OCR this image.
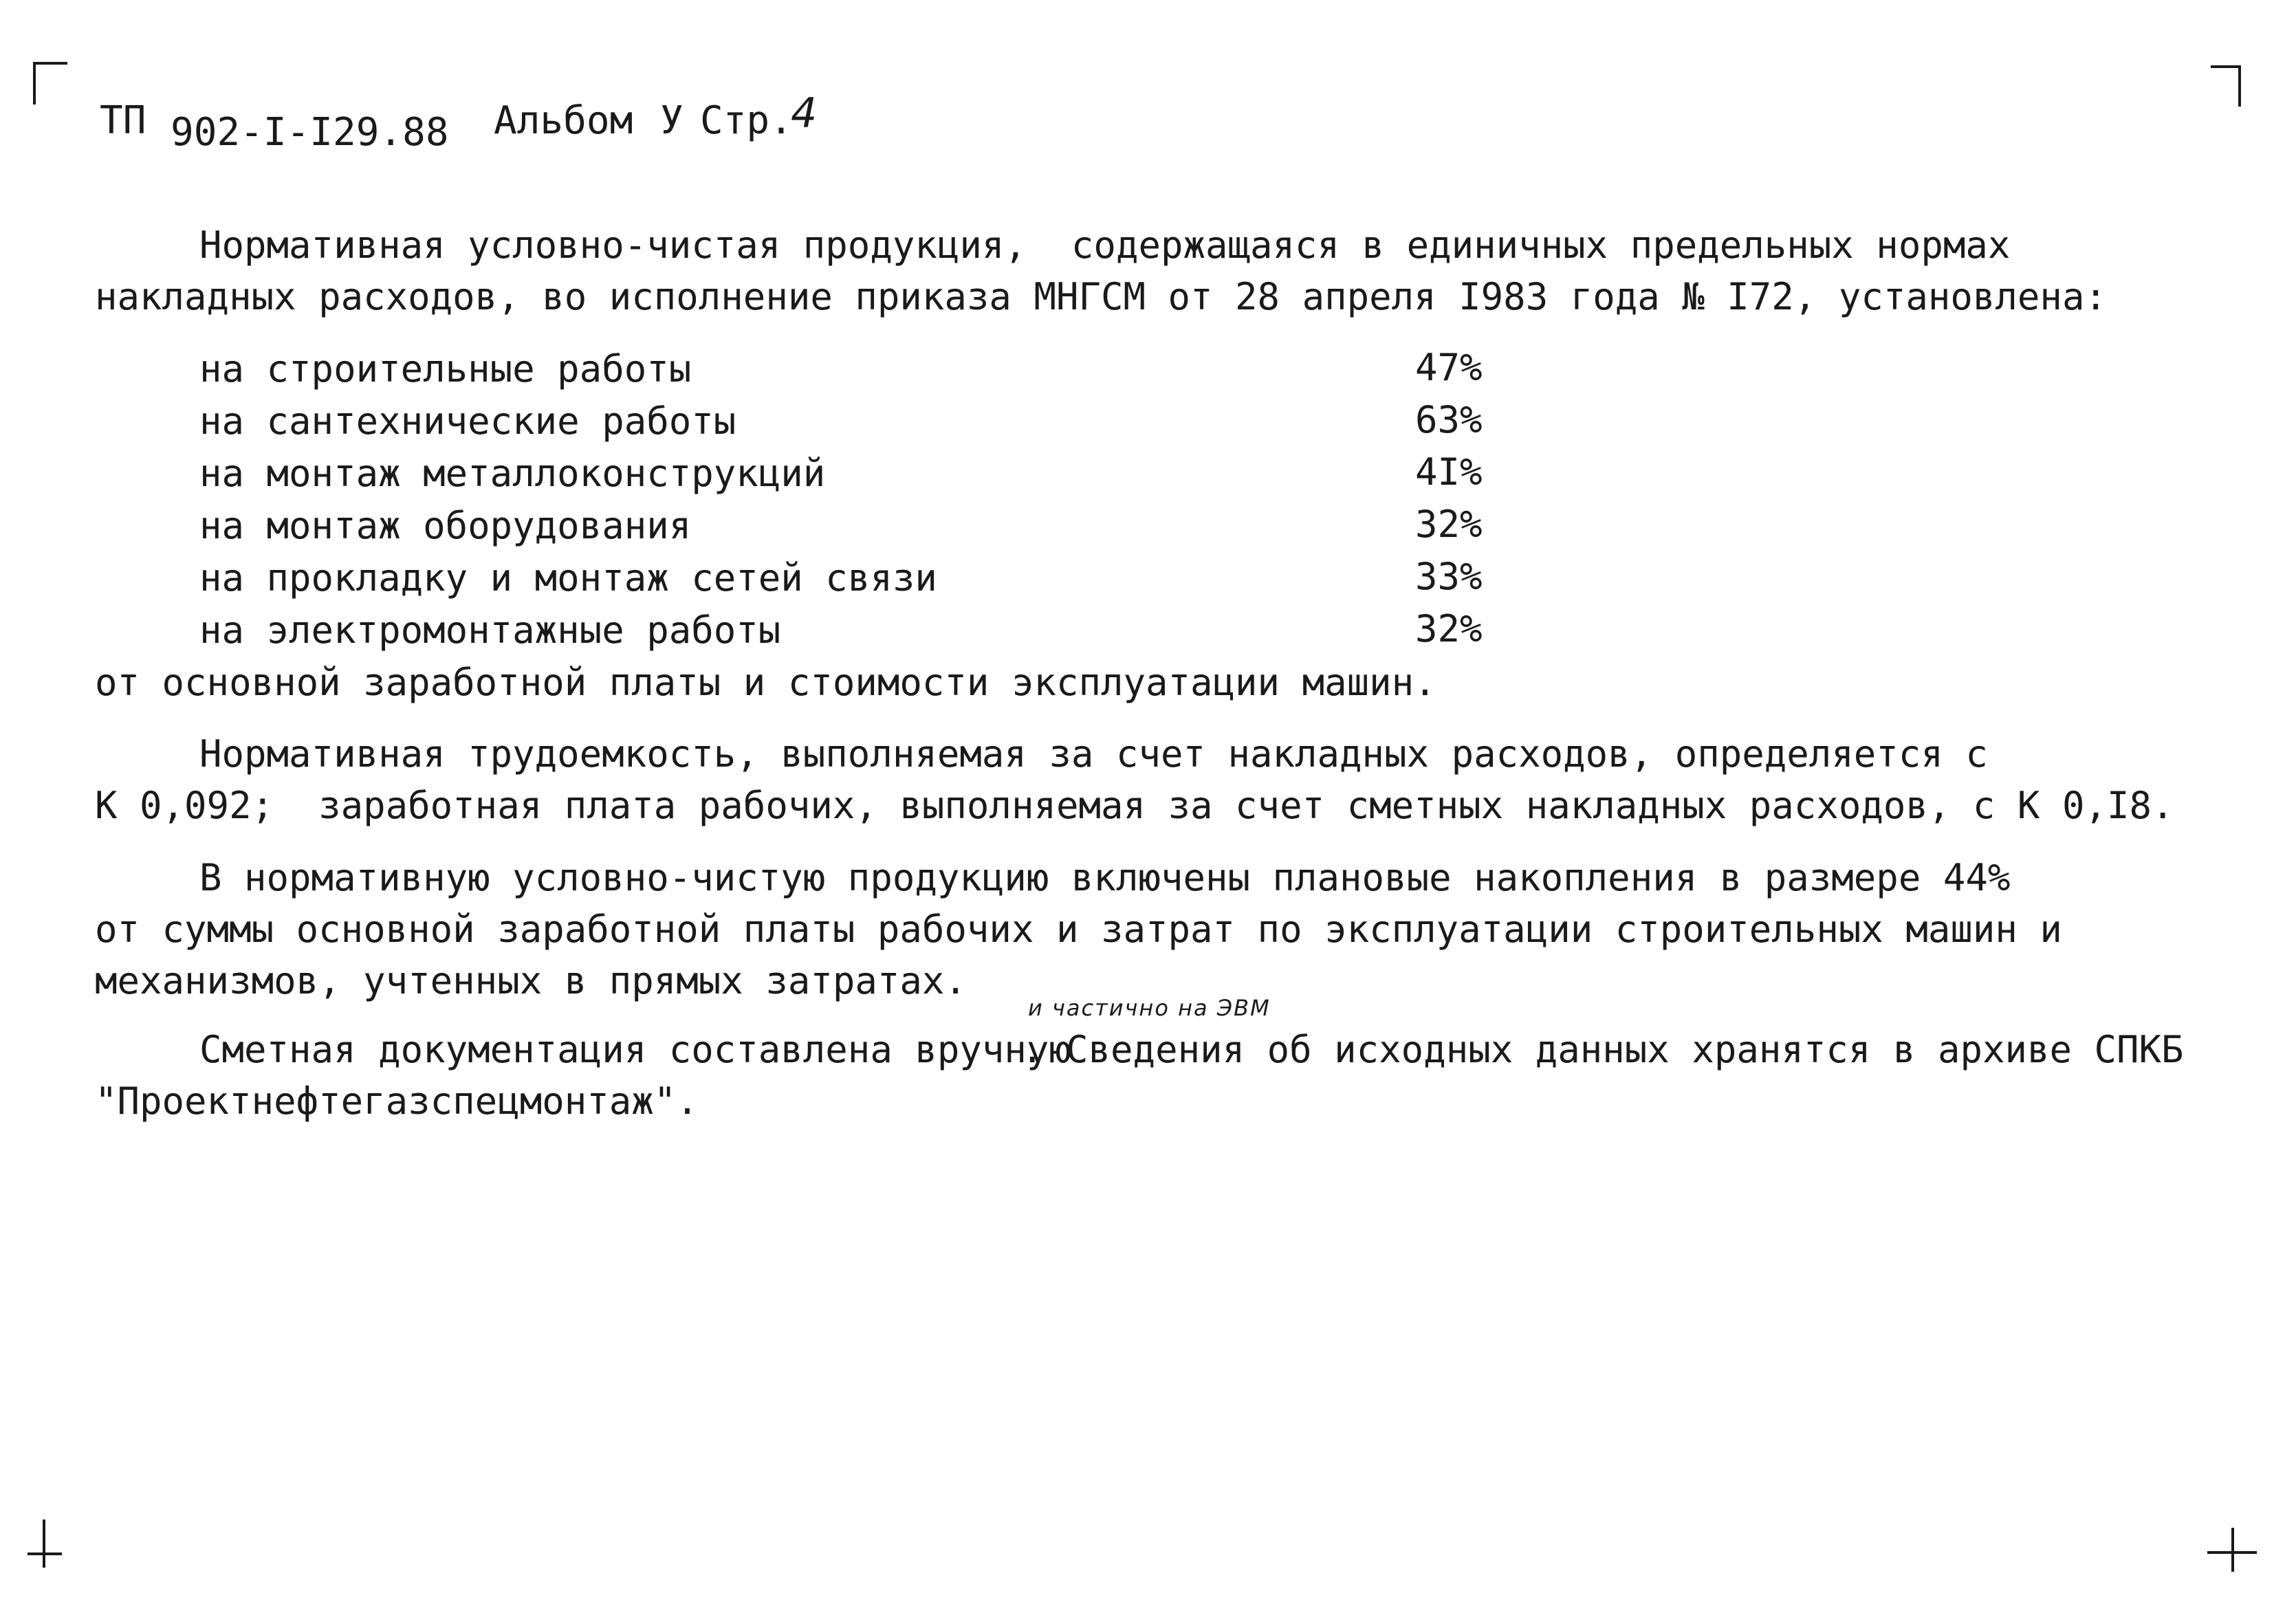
ТП 902-I-I29.88 Альбом У Стр.
4
Нормативная условно-чистая продукция,  содержащаяся в единичных предельных нормах
накладных расходов, во исполнение приказа МНГСМ от 28 апреля I983 года № I72, установлена:
на строительные работы	47%
на сантехнические работы	63%
на монтаж металлоконструкций	4I%
на монтаж оборудования	32%
на прокладку и монтаж сетей связи	33%
на электромонтажные работы	32%
от основной заработной платы и стоимости эксплуатации машин.
Нормативная трудоемкость, выполняемая за счет накладных расходов, определяется с
К 0,092;  заработная плата рабочих, выполняемая за счет сметных накладных расходов, с К 0,I8.
В нормативную условно-чистую продукцию включены плановые накопления в размере 44%
от суммы основной заработной платы рабочих и затрат по эксплуатации строительных машин и
механизмов, учтенных в прямых затратах.
и частично на ЭВМ
Сметная документация составлена вручную
. Сведения об исходных данных хранятся в архиве СПКБ
"Проектнефтегазспецмонтаж".
